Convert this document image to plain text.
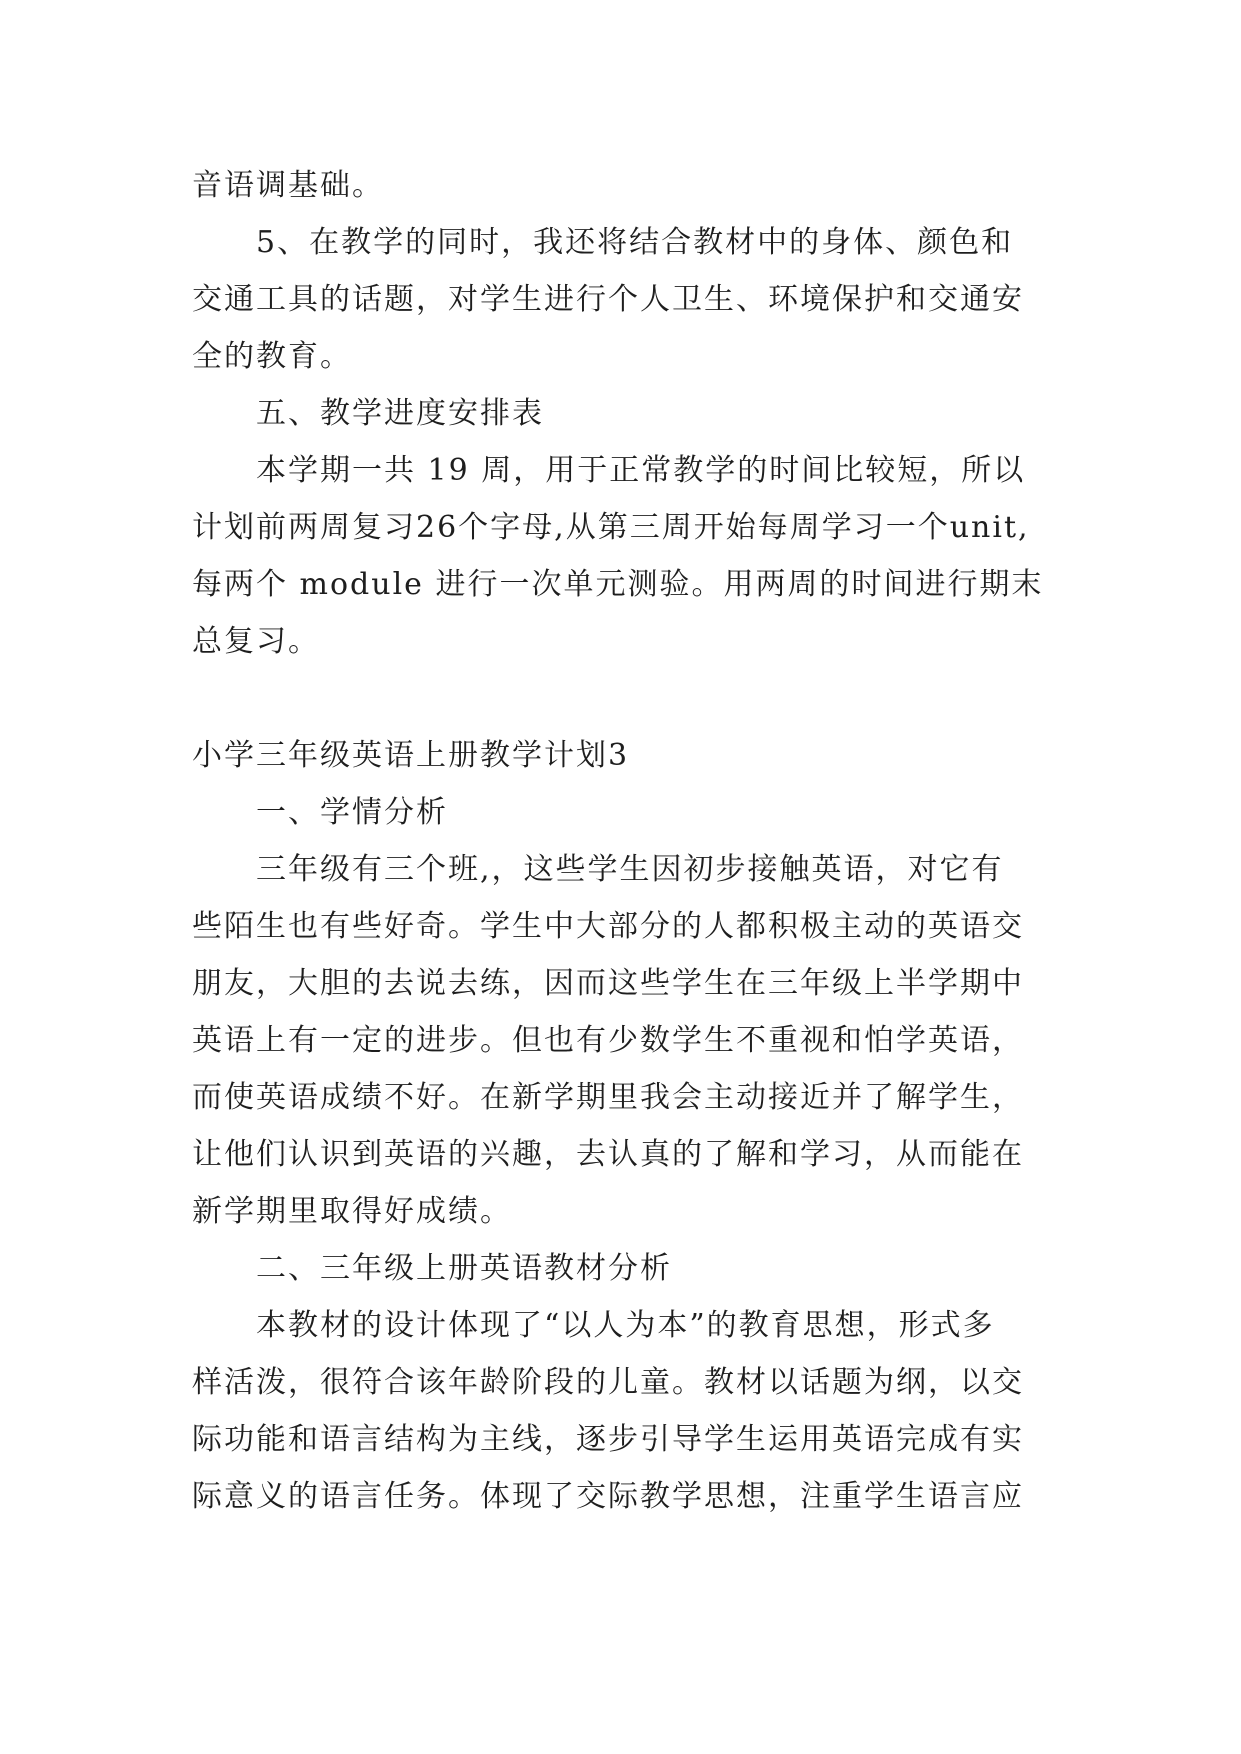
音语调基础。
5、在教学的同时，我还将结合教材中的身体、颜色和
交通工具的话题，对学生进行个人卫生、环境保护和交通安
全的教育。
五、教学进度安排表
本学期一共 19 周，用于正常教学的时间比较短，所以
计划前两周复习26个字母,从第三周开始每周学习一个unit,
每两个 module 进行一次单元测验。用两周的时间进行期末
总复习。
小学三年级英语上册教学计划3
一、学情分析
三年级有三个班,，这些学生因初步接触英语，对它有
些陌生也有些好奇。学生中大部分的人都积极主动的英语交
朋友，大胆的去说去练，因而这些学生在三年级上半学期中
英语上有一定的进步。但也有少数学生不重视和怕学英语，
而使英语成绩不好。在新学期里我会主动接近并了解学生，
让他们认识到英语的兴趣，去认真的了解和学习，从而能在
新学期里取得好成绩。
二、三年级上册英语教材分析
本教材的设计体现了“以人为本”的教育思想，形式多
样活泼，很符合该年龄阶段的儿童。教材以话题为纲，以交
际功能和语言结构为主线，逐步引导学生运用英语完成有实
际意义的语言任务。体现了交际教学思想，注重学生语言应
